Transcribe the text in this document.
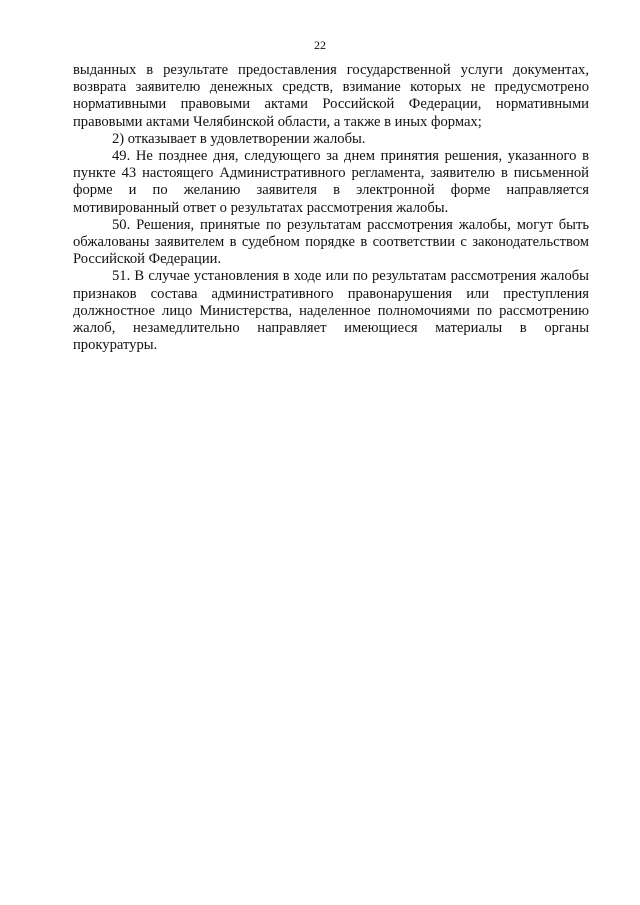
22

выданных в результате предоставления государственной услуги документах, возврата заявителю денежных средств, взимание которых не предусмотрено нормативными правовыми актами Российской Федерации, нормативными правовыми актами Челябинской области, а также в иных формах;

2) отказывает в удовлетворении жалобы.

49. Не позднее дня, следующего за днем принятия решения, указанного в пункте 43 настоящего Административного регламента, заявителю в письменной форме и по желанию заявителя в электронной форме направляется мотивированный ответ о результатах рассмотрения жалобы.

50. Решения, принятые по результатам рассмотрения жалобы, могут быть обжалованы заявителем в судебном порядке в соответствии с законодательством Российской Федерации.

51. В случае установления в ходе или по результатам рассмотрения жалобы признаков состава административного правонарушения или преступления должностное лицо Министерства, наделенное полномочиями по рассмотрению жалоб, незамедлительно направляет имеющиеся материалы в органы прокуратуры.
